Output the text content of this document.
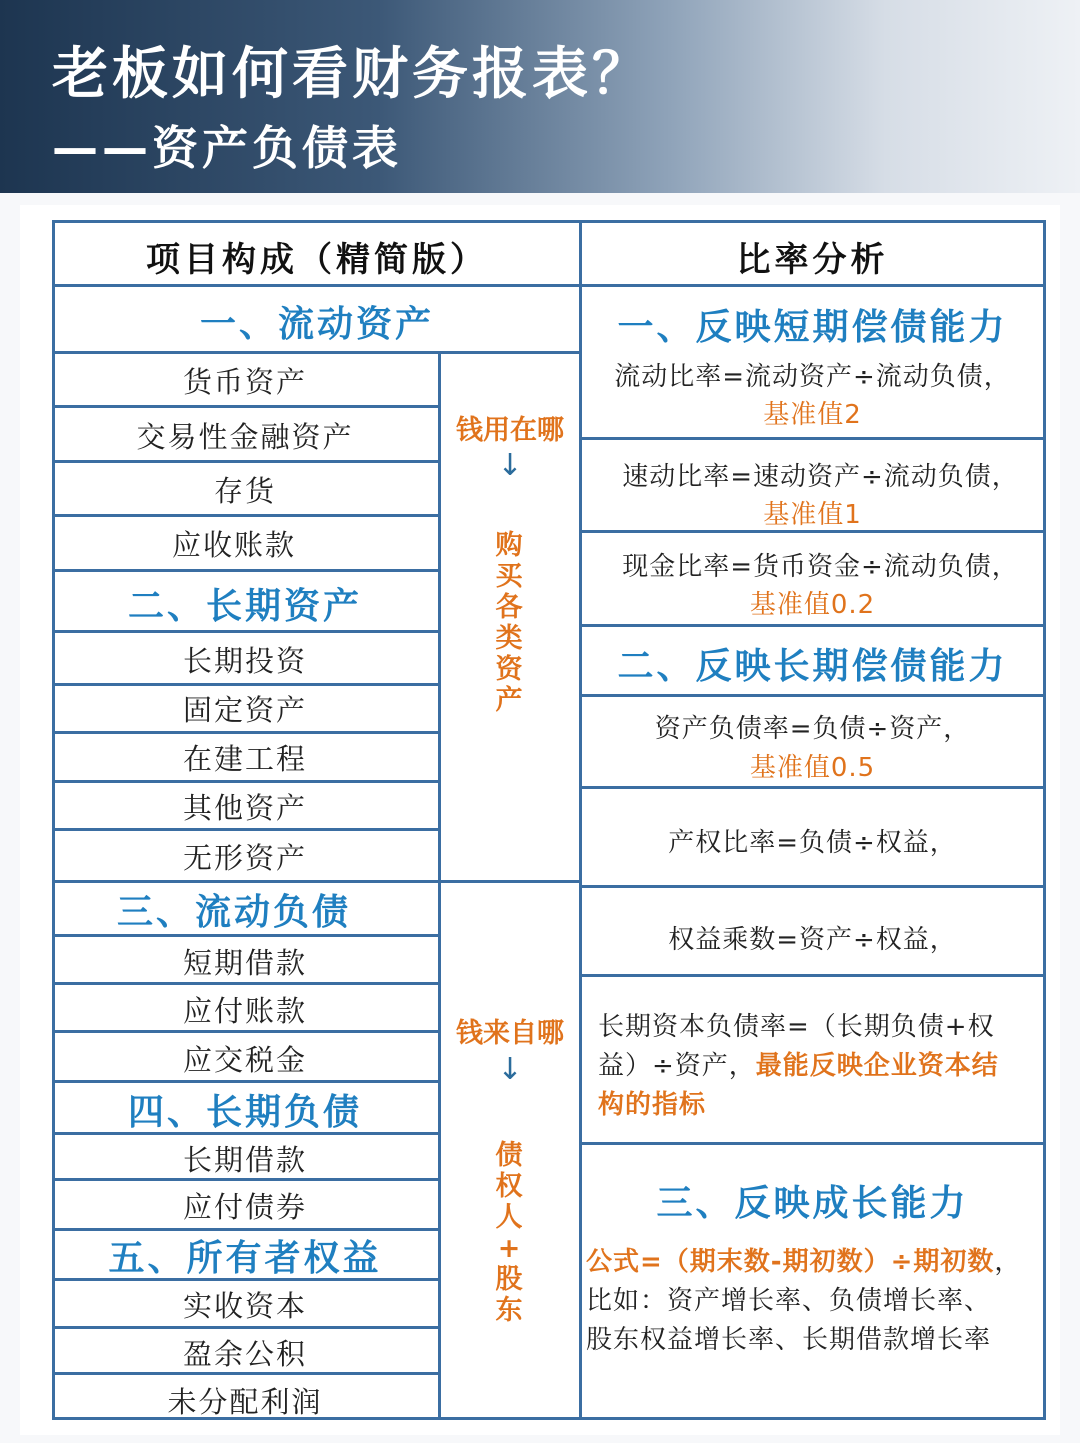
老板如何看财务报表？
——资产负债表
项目构成（精简版）	比率分析
一、流动资产
货币资产
交易性金融资产
存货
应收账款
二、长期资产
长期投资
固定资产
在建工程
其他资产
无形资产
三、流动负债
短期借款
应付账款
应交税金
四、长期负债
长期借款
应付债券
五、所有者权益
实收资本
盈余公积
未分配利润
钱用在哪
↓
购
买
各
类
资
产
钱来自哪
↓
债
权
人
+
股
东
一、反映短期偿债能力
流动比率=流动资产÷流动负债，
基准值2
速动比率=速动资产÷流动负债，
基准值1
现金比率=货币资金÷流动负债，
基准值0.2
二、反映长期偿债能力
资产负债率=负债÷资产，
基准值0.5
产权比率=负债÷权益，
权益乘数=资产÷权益，
长期资本负债率=（长期负债+权
益）÷资产，最能反映企业资本结
构的指标
三、反映成长能力
公式=（期末数-期初数）÷期初数，
比如：资产增长率、负债增长率、
股东权益增长率、长期借款增长率
